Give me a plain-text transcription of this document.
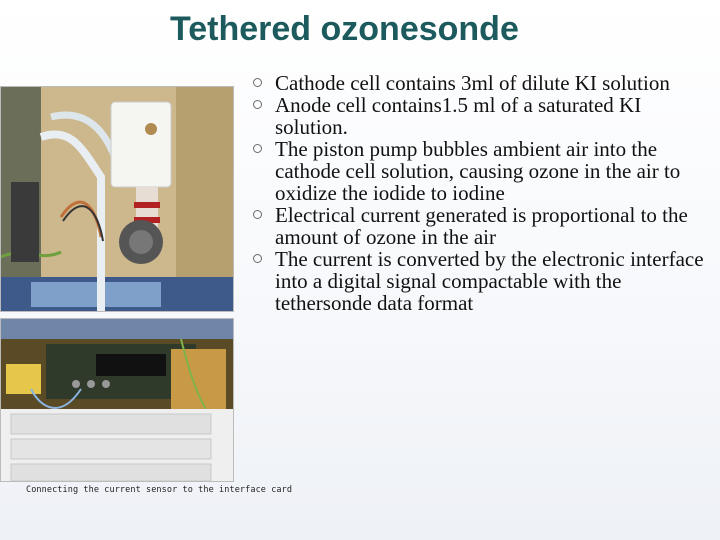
Tethered ozonesonde
Connecting the current sensor to the interface card
Cathode cell contains 3ml of dilute KI solution
Anode cell contains1.5 ml of a saturated KI solution.
The piston pump bubbles ambient air into the cathode cell solution, causing ozone in the air to oxidize the iodide to iodine
Electrical current generated is proportional to the amount of ozone in the air
The current is converted by the electronic interface into a digital signal compactable with the tethersonde data format
